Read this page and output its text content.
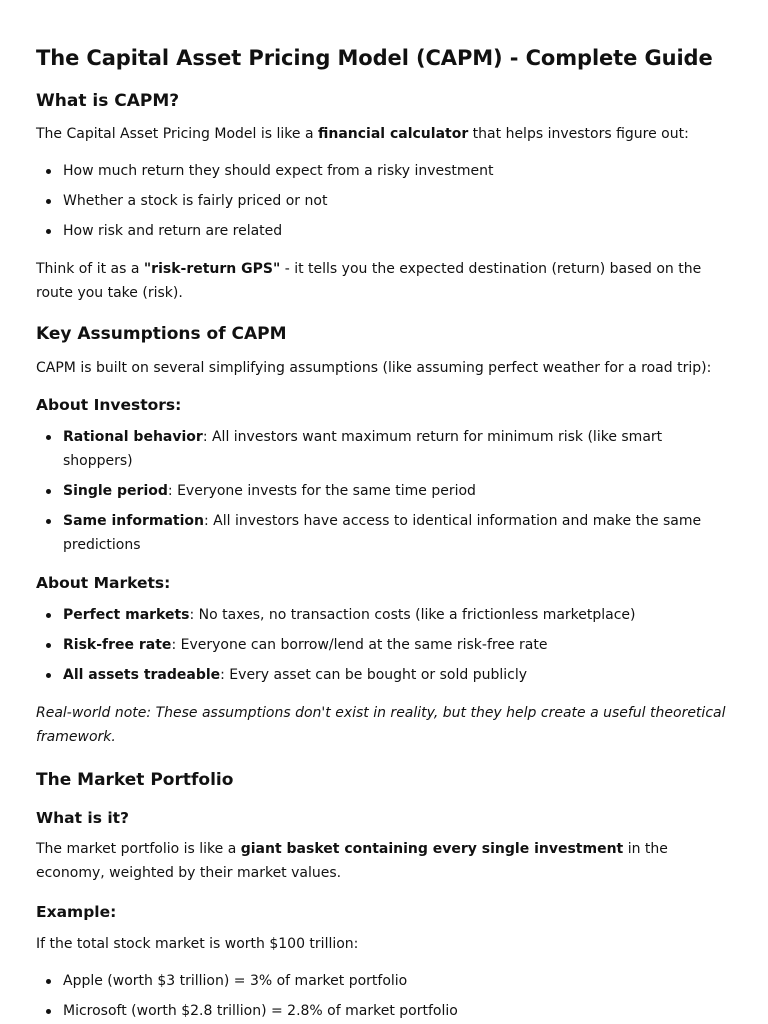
The Capital Asset Pricing Model (CAPM) - Complete Guide
What is CAPM?

The Capital Asset Pricing Model is like a financial calculator that helps investors figure out:

How much return they should expect from a risky investment
Whether a stock is fairly priced or not
How risk and return are related

Think of it as a "risk-return GPS" - it tells you the expected destination (return) based on the route you take (risk).

Key Assumptions of CAPM

CAPM is built on several simplifying assumptions (like assuming perfect weather for a road trip):

About Investors:
Rational behavior: All investors want maximum return for minimum risk (like smart shoppers)
Single period: Everyone invests for the same time period
Same information: All investors have access to identical information and make the same predictions
About Markets:
Perfect markets: No taxes, no transaction costs (like a frictionless marketplace)
Risk-free rate: Everyone can borrow/lend at the same risk-free rate
All assets tradeable: Every asset can be bought or sold publicly

Real-world note: These assumptions don't exist in reality, but they help create a useful theoretical framework.

The Market Portfolio
What is it?

The market portfolio is like a giant basket containing every single investment in the economy, weighted by their market values.

Example:

If the total stock market is worth $100 trillion:

Apple (worth $3 trillion) = 3% of market portfolio
Microsoft (worth $2.8 trillion) = 2.8% of market portfolio
